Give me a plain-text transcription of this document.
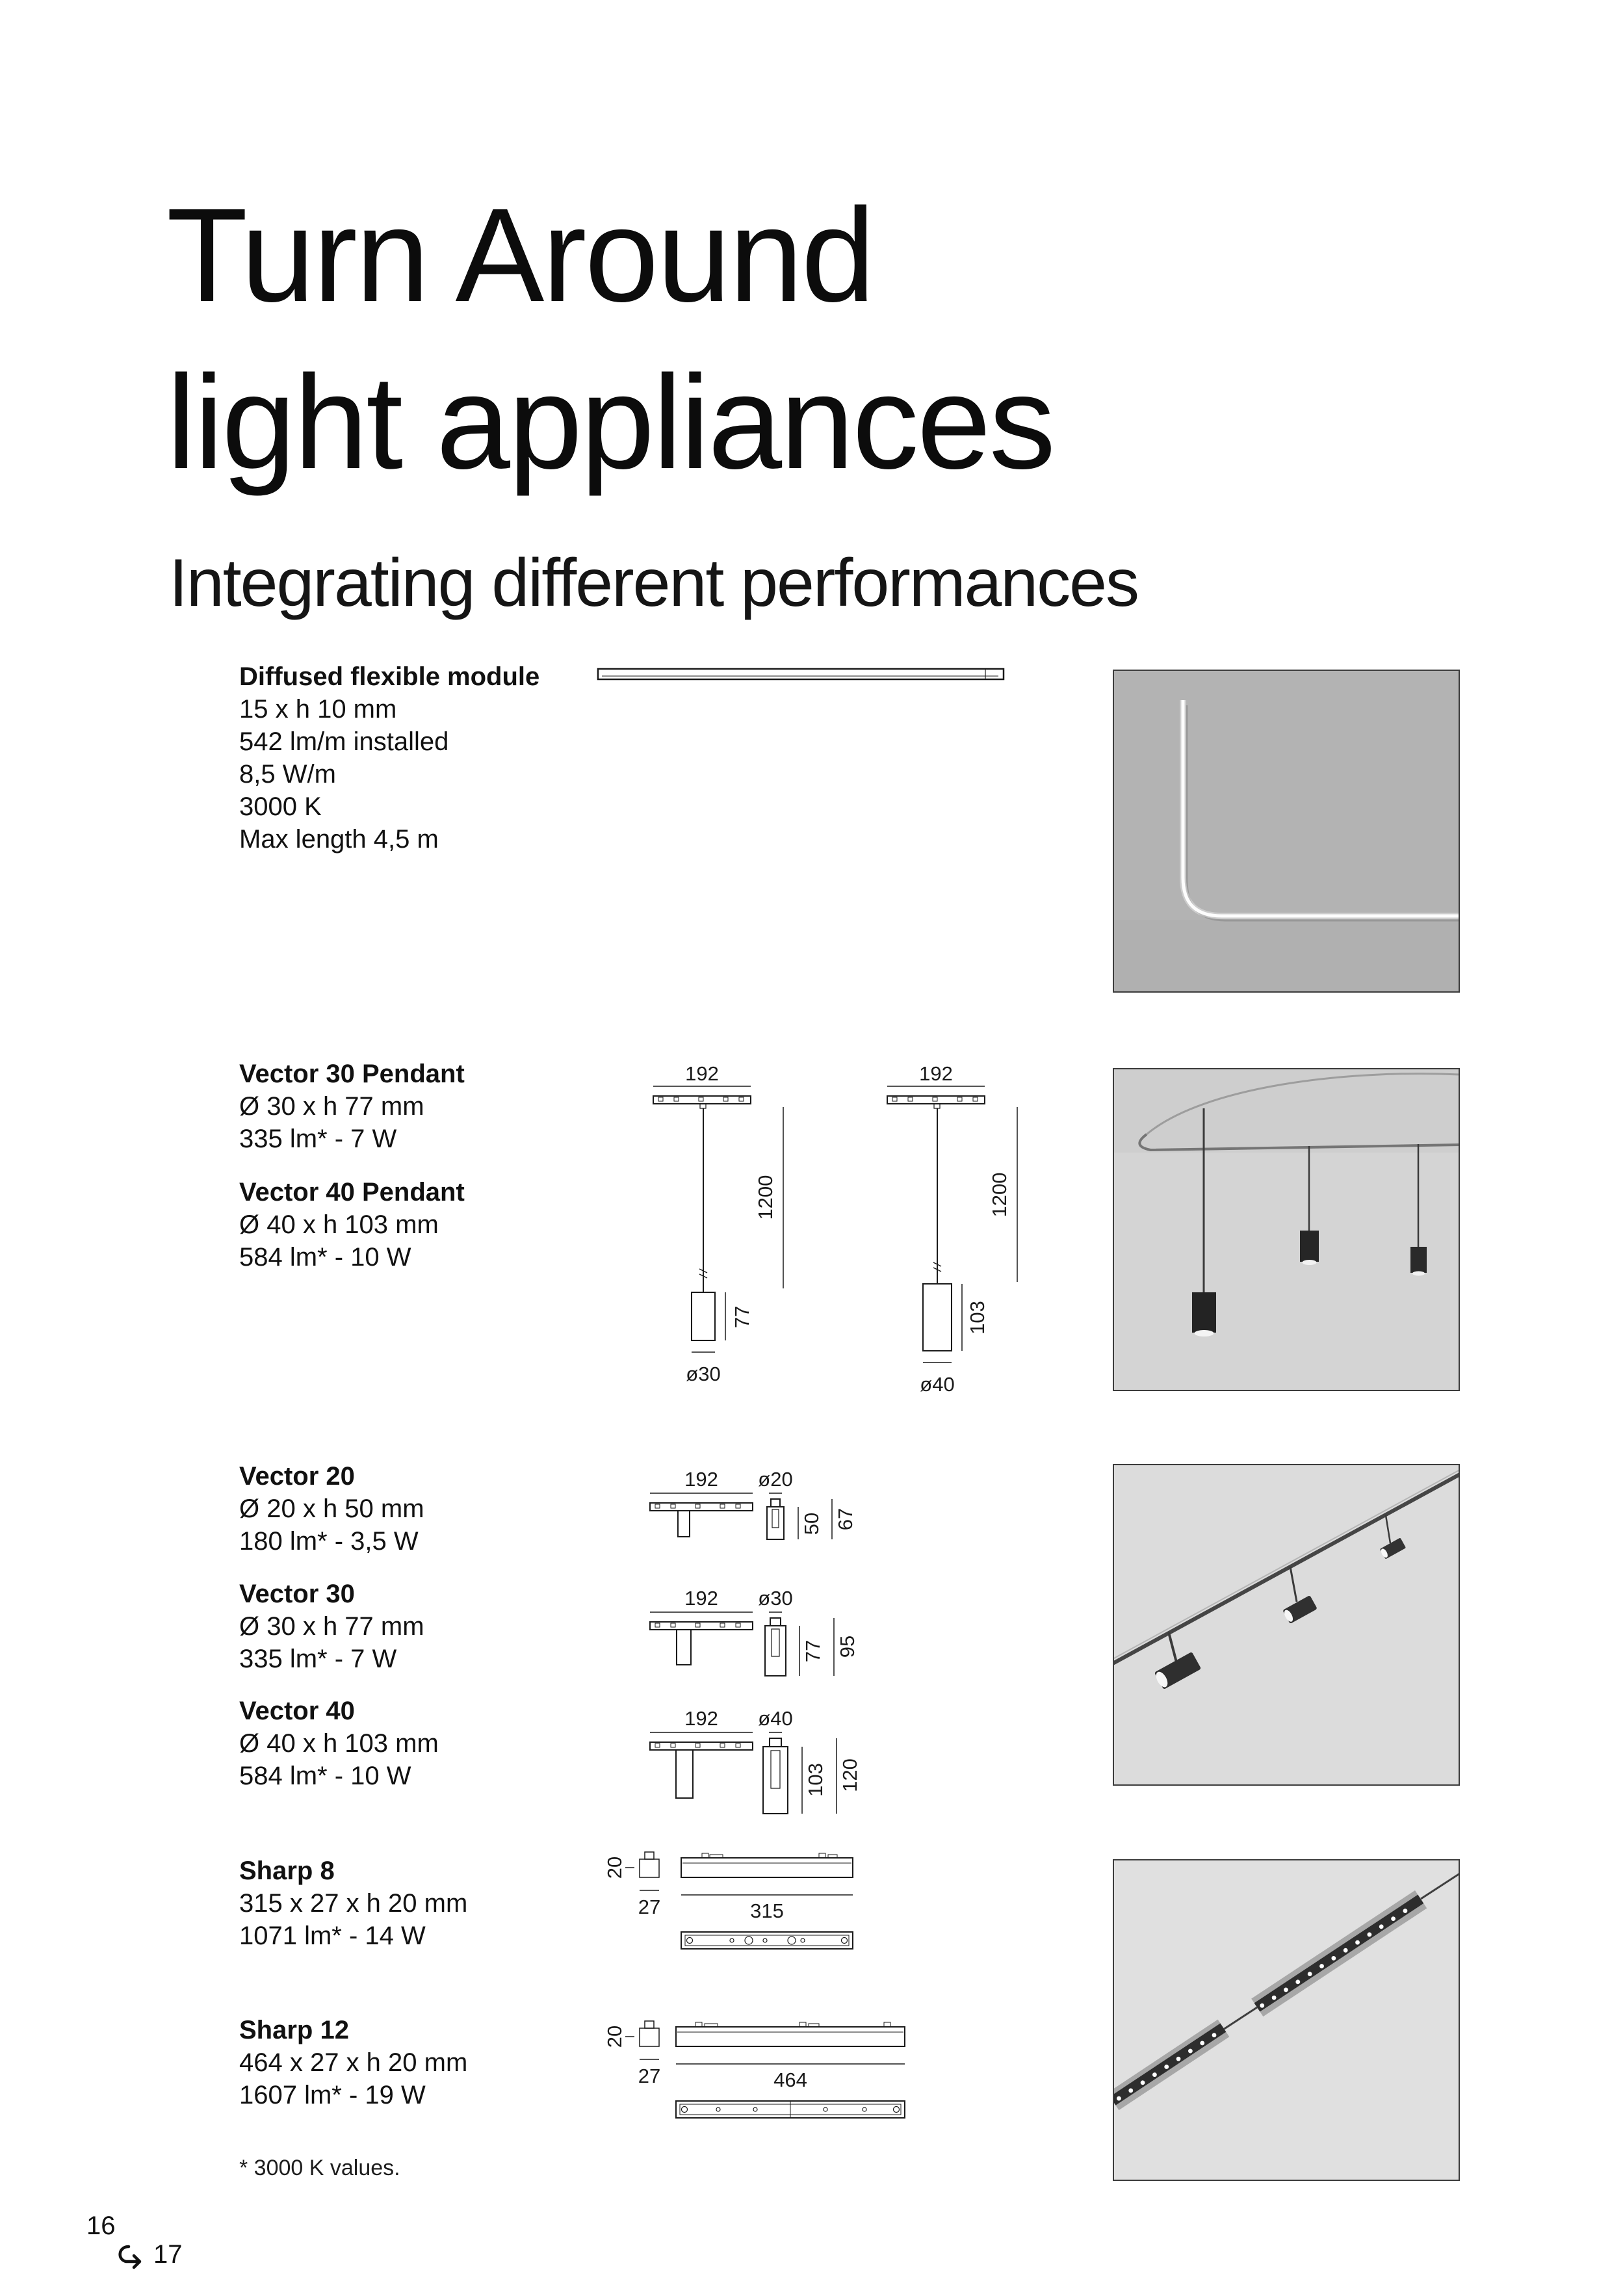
Turn Around
light appliances
Integrating different performances
Diffused flexible module
15 x h 10 mm
542 lm/m installed
8,5 W/m
3000 K
Max length 4,5 m
Vector 30 Pendant
Ø 30 x h 77 mm
335 lm* - 7 W
Vector 40 Pendant
Ø 40 x h 103 mm
584 lm* - 10 W
192
1200
77
ø30
192
1200
103
ø40
Vector 20
Ø 20 x h 50 mm
180 lm* - 3,5 W
Vector 30
Ø 30 x h 77 mm
335 lm* - 7 W
Vector 40
Ø 40 x h 103 mm
584 lm* - 10 W
192 ø20
50 67
192 ø30
77 95
192 ø40
103 120
Sharp 8
315 x 27 x h 20 mm
1071 lm* - 14 W
Sharp 12
464 x 27 x h 20 mm
1607 lm* - 19 W
20
27	315
20
27	464
* 3000 K values.
16
17
